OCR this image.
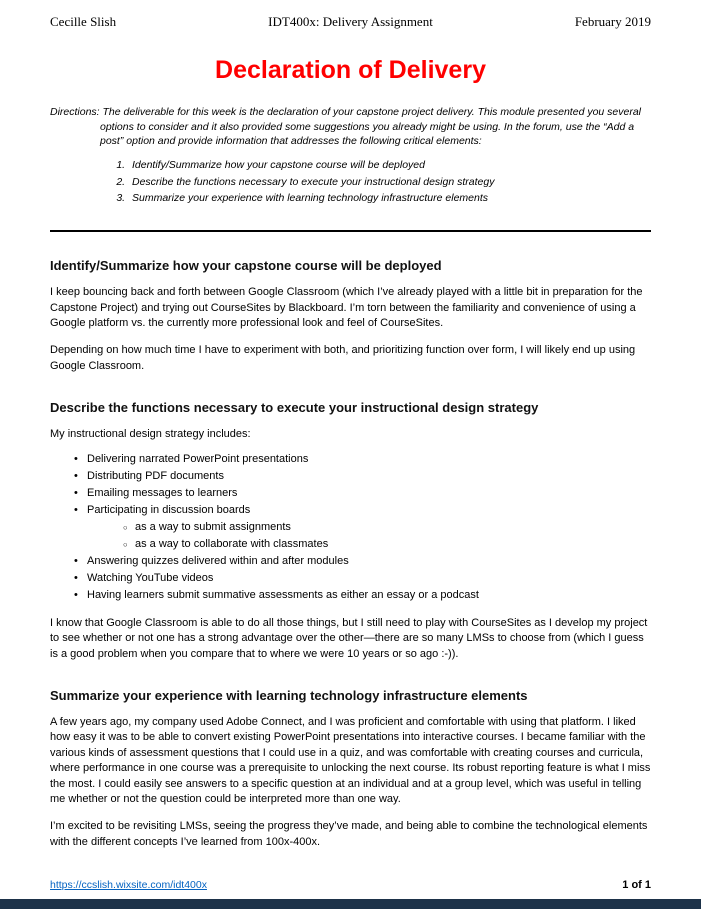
Cecille Slish	IDT400x: Delivery Assignment	February 2019
Declaration of Delivery

Directions: The deliverable for this week is the declaration of your capstone project delivery. This module presented you several options to consider and it also provided some suggestions you already might be using. In the forum, use the “Add a post” option and provide information that addresses the following critical elements:

1. Identify/Summarize how your capstone course will be deployed
2. Describe the functions necessary to execute your instructional design strategy
3. Summarize your experience with learning technology infrastructure elements
Identify/Summarize how your capstone course will be deployed

I keep bouncing back and forth between Google Classroom (which I’ve already played with a little bit in preparation for the Capstone Project) and trying out CourseSites by Blackboard. I’m torn between the familiarity and convenience of using a Google platform vs. the currently more professional look and feel of CourseSites.

Depending on how much time I have to experiment with both, and prioritizing function over form, I will likely end up using Google Classroom.

Describe the functions necessary to execute your instructional design strategy

My instructional design strategy includes:

• Delivering narrated PowerPoint presentations
• Distributing PDF documents
• Emailing messages to learners
• Participating in discussion boards
○ as a way to submit assignments
○ as a way to collaborate with classmates
• Answering quizzes delivered within and after modules
• Watching YouTube videos
• Having learners submit summative assessments as either an essay or a podcast

I know that Google Classroom is able to do all those things, but I still need to play with CourseSites as I develop my project to see whether or not one has a strong advantage over the other—there are so many LMSs to choose from (which I guess is a good problem when you compare that to where we were 10 years or so ago :-)).

Summarize your experience with learning technology infrastructure elements

A few years ago, my company used Adobe Connect, and I was proficient and comfortable with using that platform. I liked how easy it was to be able to convert existing PowerPoint presentations into interactive courses. I became familiar with the various kinds of assessment questions that I could use in a quiz, and was comfortable with creating courses and curricula, where performance in one course was a prerequisite to unlocking the next course. Its robust reporting feature is what I miss the most. I could easily see answers to a specific question at an individual and at a group level, which was useful in telling me whether or not the question could be interpreted more than one way.

I’m excited to be revisiting LMSs, seeing the progress they’ve made, and being able to combine the technological elements with the different concepts I’ve learned from 100x-400x.

https://ccslish.wixsite.com/idt400x	1 of 1
